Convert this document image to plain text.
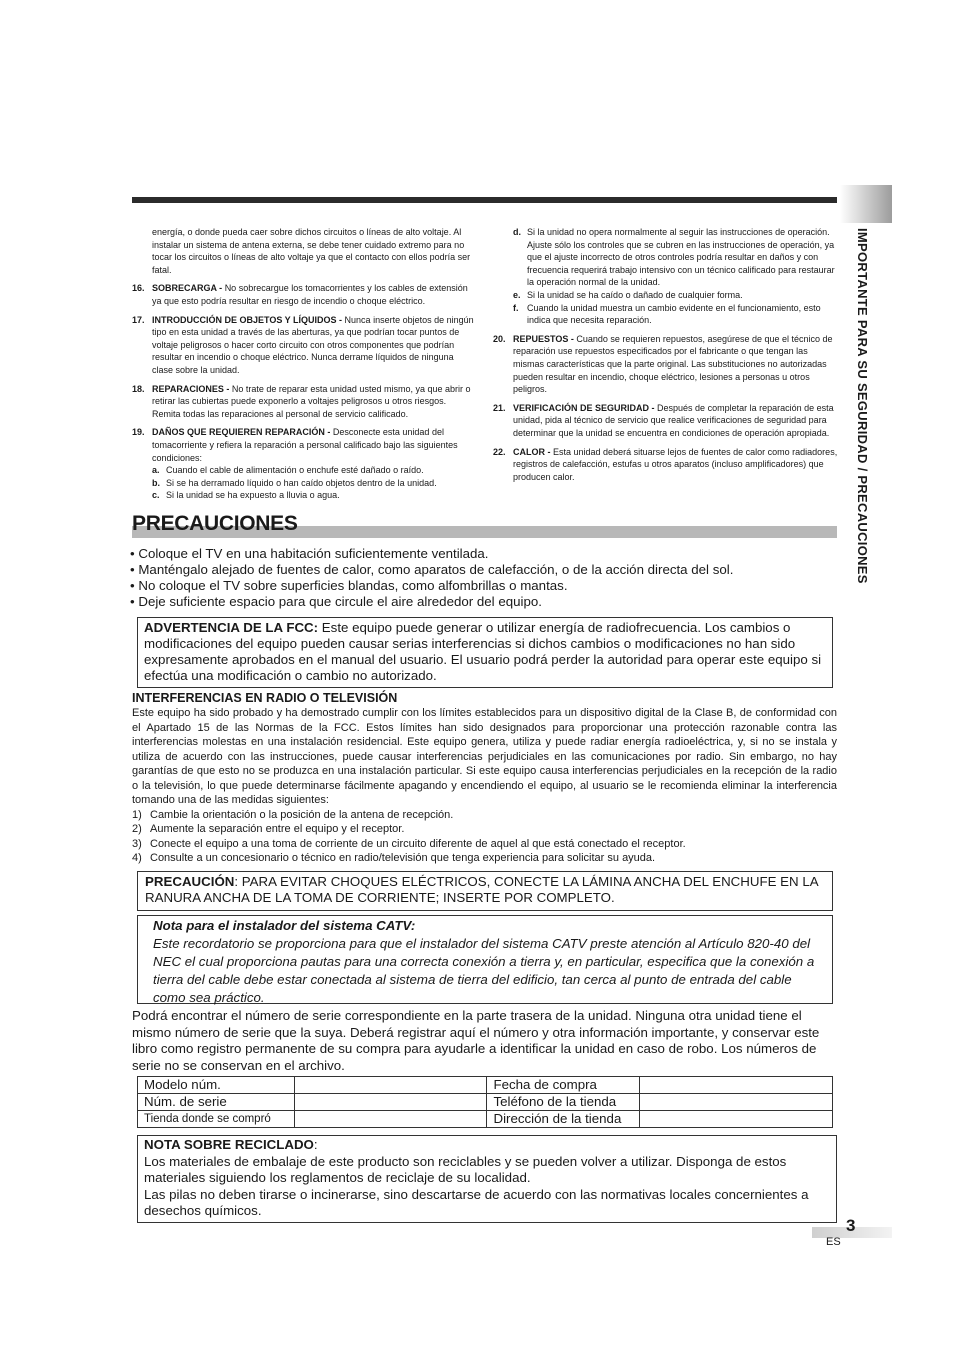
IMPORTANTE PARA SU SEGURIDAD / PRECAUCIONES
energía, o donde pueda caer sobre dichos circuitos o líneas de alto voltaje. Al instalar un sistema de antena externa, se debe tener cuidado extremo para no tocar los circuitos o líneas de alto voltaje ya que el contacto con ellos podría ser fatal.
16. SOBRECARGA - No sobrecargue los tomacorrientes y los cables de extensión ya que esto podría resultar en riesgo de incendio o choque eléctrico.
17. INTRODUCCIÓN DE OBJETOS Y LÍQUIDOS - Nunca inserte objetos de ningún tipo en esta unidad a través de las aberturas, ya que podrían tocar puntos de voltaje peligrosos o hacer corto circuito con otros componentes que podrían resultar en incendio o choque eléctrico. Nunca derrame líquidos de ninguna clase sobre la unidad.
18. REPARACIONES - No trate de reparar esta unidad usted mismo, ya que abrir o retirar las cubiertas puede exponerlo a voltajes peligrosos u otros riesgos. Remita todas las reparaciones al personal de servicio calificado.
19. DAÑOS QUE REQUIEREN REPARACIÓN - Desconecte esta unidad del tomacorriente y refiera la reparación a personal calificado bajo las siguientes condiciones:
a. Cuando el cable de alimentación o enchufe esté dañado o raído.
b. Si se ha derramado líquido o han caído objetos dentro de la unidad.
c. Si la unidad se ha expuesto a lluvia o agua.
d. Si la unidad no opera normalmente al seguir las instrucciones de operación. Ajuste sólo los controles que se cubren en las instrucciones de operación, ya que el ajuste incorrecto de otros controles podría resultar en daños y con frecuencia requerirá trabajo intensivo con un técnico calificado para restaurar la operación normal de la unidad.
e. Si la unidad se ha caído o dañado de cualquier forma.
f. Cuando la unidad muestra un cambio evidente en el funcionamiento, esto indica que necesita reparación.
20. REPUESTOS - Cuando se requieren repuestos, asegúrese de que el técnico de reparación use repuestos especificados por el fabricante o que tengan las mismas características que la parte original. Las substituciones no autorizadas pueden resultar en incendio, choque eléctrico, lesiones a personas u otros peligros.
21. VERIFICACIÓN DE SEGURIDAD - Después de completar la reparación de esta unidad, pida al técnico de servicio que realice verificaciones de seguridad para determinar que la unidad se encuentra en condiciones de operación apropiada.
22. CALOR - Esta unidad deberá situarse lejos de fuentes de calor como radiadores, registros de calefacción, estufas u otros aparatos (incluso amplificadores) que producen calor.
PRECAUCIONES
• Coloque el TV en una habitación suficientemente ventilada.
• Manténgalo alejado de fuentes de calor, como aparatos de calefacción, o de la acción directa del sol.
• No coloque el TV sobre superficies blandas, como alfombrillas o mantas.
• Deje suficiente espacio para que circule el aire alrededor del equipo.
ADVERTENCIA DE LA FCC: Este equipo puede generar o utilizar energía de radiofrecuencia. Los cambios o modificaciones del equipo pueden causar serias interferencias si dichos cambios o modificaciones no han sido expresamente aprobados en el manual del usuario. El usuario podrá perder la autoridad para operar este equipo si efectúa una modificación o cambio no autorizado.
INTERFERENCIAS EN RADIO O TELEVISIÓN
Este equipo ha sido probado y ha demostrado cumplir con los límites establecidos para un dispositivo digital de la Clase B, de conformidad con el Apartado 15 de las Normas de la FCC. Estos límites han sido designados para proporcionar una protección razonable contra las interferencias molestas en una instalación residencial. Este equipo genera, utiliza y puede radiar energía radioeléctrica, y, si no se instala y utiliza de acuerdo con las instrucciones, puede causar interferencias perjudiciales en las comunicaciones por radio. Sin embargo, no hay garantías de que esto no se produzca en una instalación particular. Si este equipo causa interferencias perjudiciales en la recepción de la radio o la televisión, lo que puede determinarse fácilmente apagando y encendiendo el equipo, al usuario se le recomienda eliminar la interferencia tomando una de las medidas siguientes:
1) Cambie la orientación o la posición de la antena de recepción.
2) Aumente la separación entre el equipo y el receptor.
3) Conecte el equipo a una toma de corriente de un circuito diferente de aquel al que está conectado el receptor.
4) Consulte a un concesionario o técnico en radio/televisión que tenga experiencia para solicitar su ayuda.
PRECAUCIÓN: PARA EVITAR CHOQUES ELÉCTRICOS, CONECTE LA LÁMINA ANCHA DEL ENCHUFE EN LA RANURA ANCHA DE LA TOMA DE CORRIENTE; INSERTE POR COMPLETO.
Nota para el instalador del sistema CATV:
Este recordatorio se proporciona para que el instalador del sistema CATV preste atención al Artículo 820-40 del NEC el cual proporciona pautas para una correcta conexión a tierra y, en particular, especifica que la conexión a tierra del cable debe estar conectada al sistema de tierra del edificio, tan cerca al punto de entrada del cable como sea práctico.
Podrá encontrar el número de serie correspondiente en la parte trasera de la unidad. Ninguna otra unidad tiene el mismo número de serie que la suya. Deberá registrar aquí el número y otra información importante, y conservar este libro como registro permanente de su compra para ayudarle a identificar la unidad en caso de robo. Los números de serie no se conservan en el archivo.
Modelo núm.		Fecha de compra	
Núm. de serie		Teléfono de la tienda	
Tienda donde se compró		Dirección de la tienda	
NOTA SOBRE RECICLADO:
Los materiales de embalaje de este producto son reciclables y se pueden volver a utilizar. Disponga de estos materiales siguiendo los reglamentos de reciclaje de su localidad.
Las pilas no deben tirarse o incinerarse, sino descartarse de acuerdo con las normativas locales concernientes a desechos químicos.
3
ES
